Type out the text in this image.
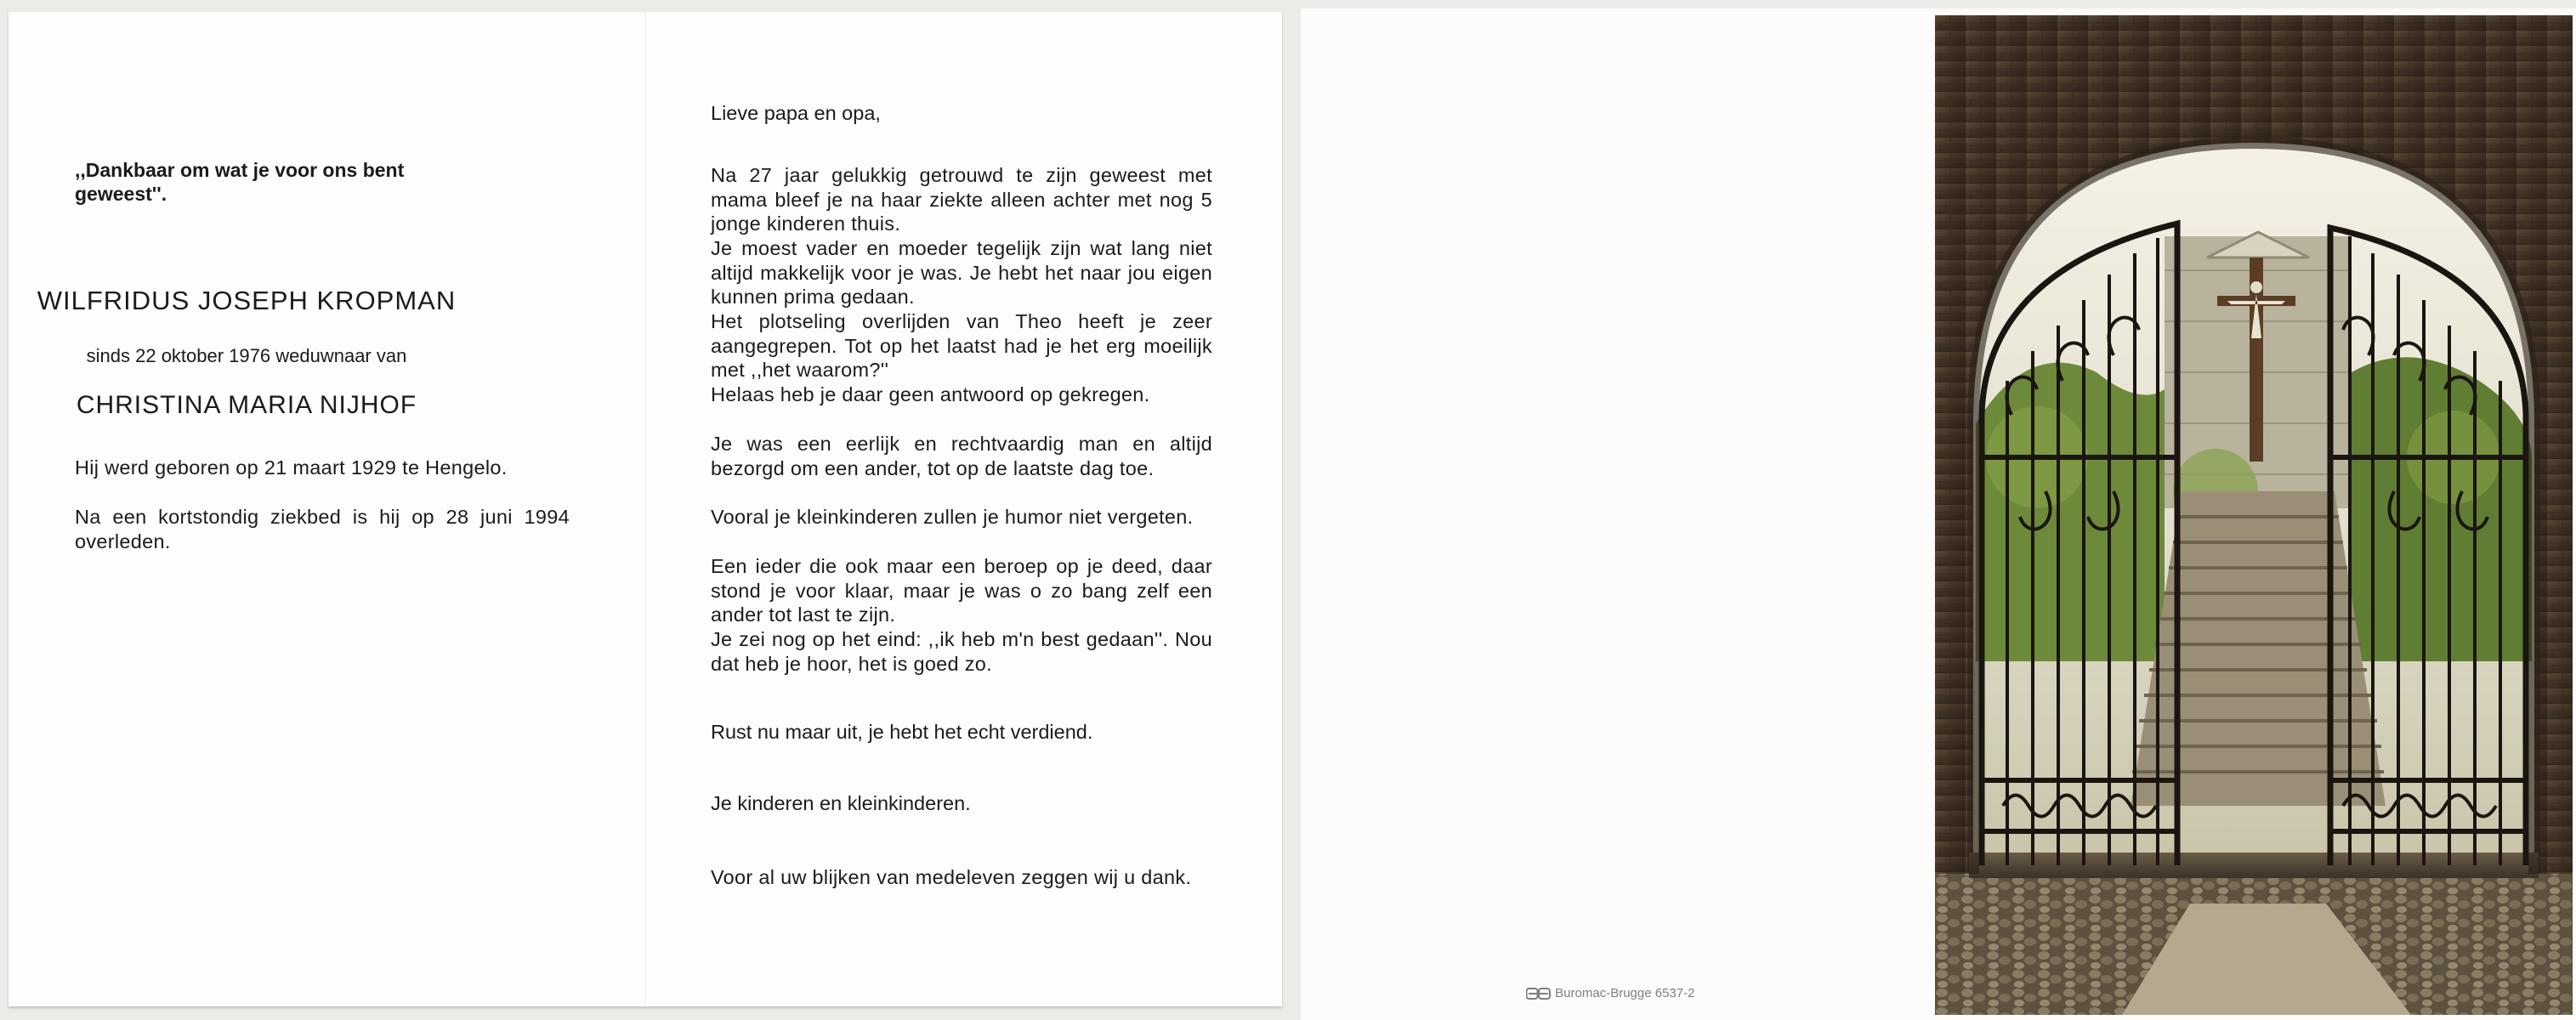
,,Dankbaar om wat je voor ons bent geweest''.

WILFRIDUS JOSEPH KROPMAN

sinds 22 oktober 1976 weduwnaar van

CHRISTINA MARIA NIJHOF

Hij werd geboren op 21 maart 1929 te Hengelo.

Na een kortstondig ziekbed is hij op 28 juni 1994 overleden.

Lieve papa en opa,

Na 27 jaar gelukkig getrouwd te zijn geweest met mama bleef je na haar ziekte alleen achter met nog 5 jonge kinderen thuis.

Je moest vader en moeder tegelijk zijn wat lang niet altijd makkelijk voor je was. Je hebt het naar jou eigen kunnen prima gedaan.

Het plotseling overlijden van Theo heeft je zeer aangegrepen. Tot op het laatst had je het erg moeilijk met ,,het waarom?''

Helaas heb je daar geen antwoord op gekregen.

Je was een eerlijk en rechtvaardig man en altijd bezorgd om een ander, tot op de laatste dag toe.

Vooral je kleinkinderen zullen je humor niet vergeten.

Een ieder die ook maar een beroep op je deed, daar stond je voor klaar, maar je was o zo bang zelf een ander tot last te zijn.

Je zei nog op het eind: ,,ik heb m'n best gedaan''. Nou dat heb je hoor, het is goed zo.

Rust nu maar uit, je hebt het echt verdiend.

Je kinderen en kleinkinderen.

Voor al uw blijken van medeleven zeggen wij u dank.

Buromac-Brugge 6537-2
